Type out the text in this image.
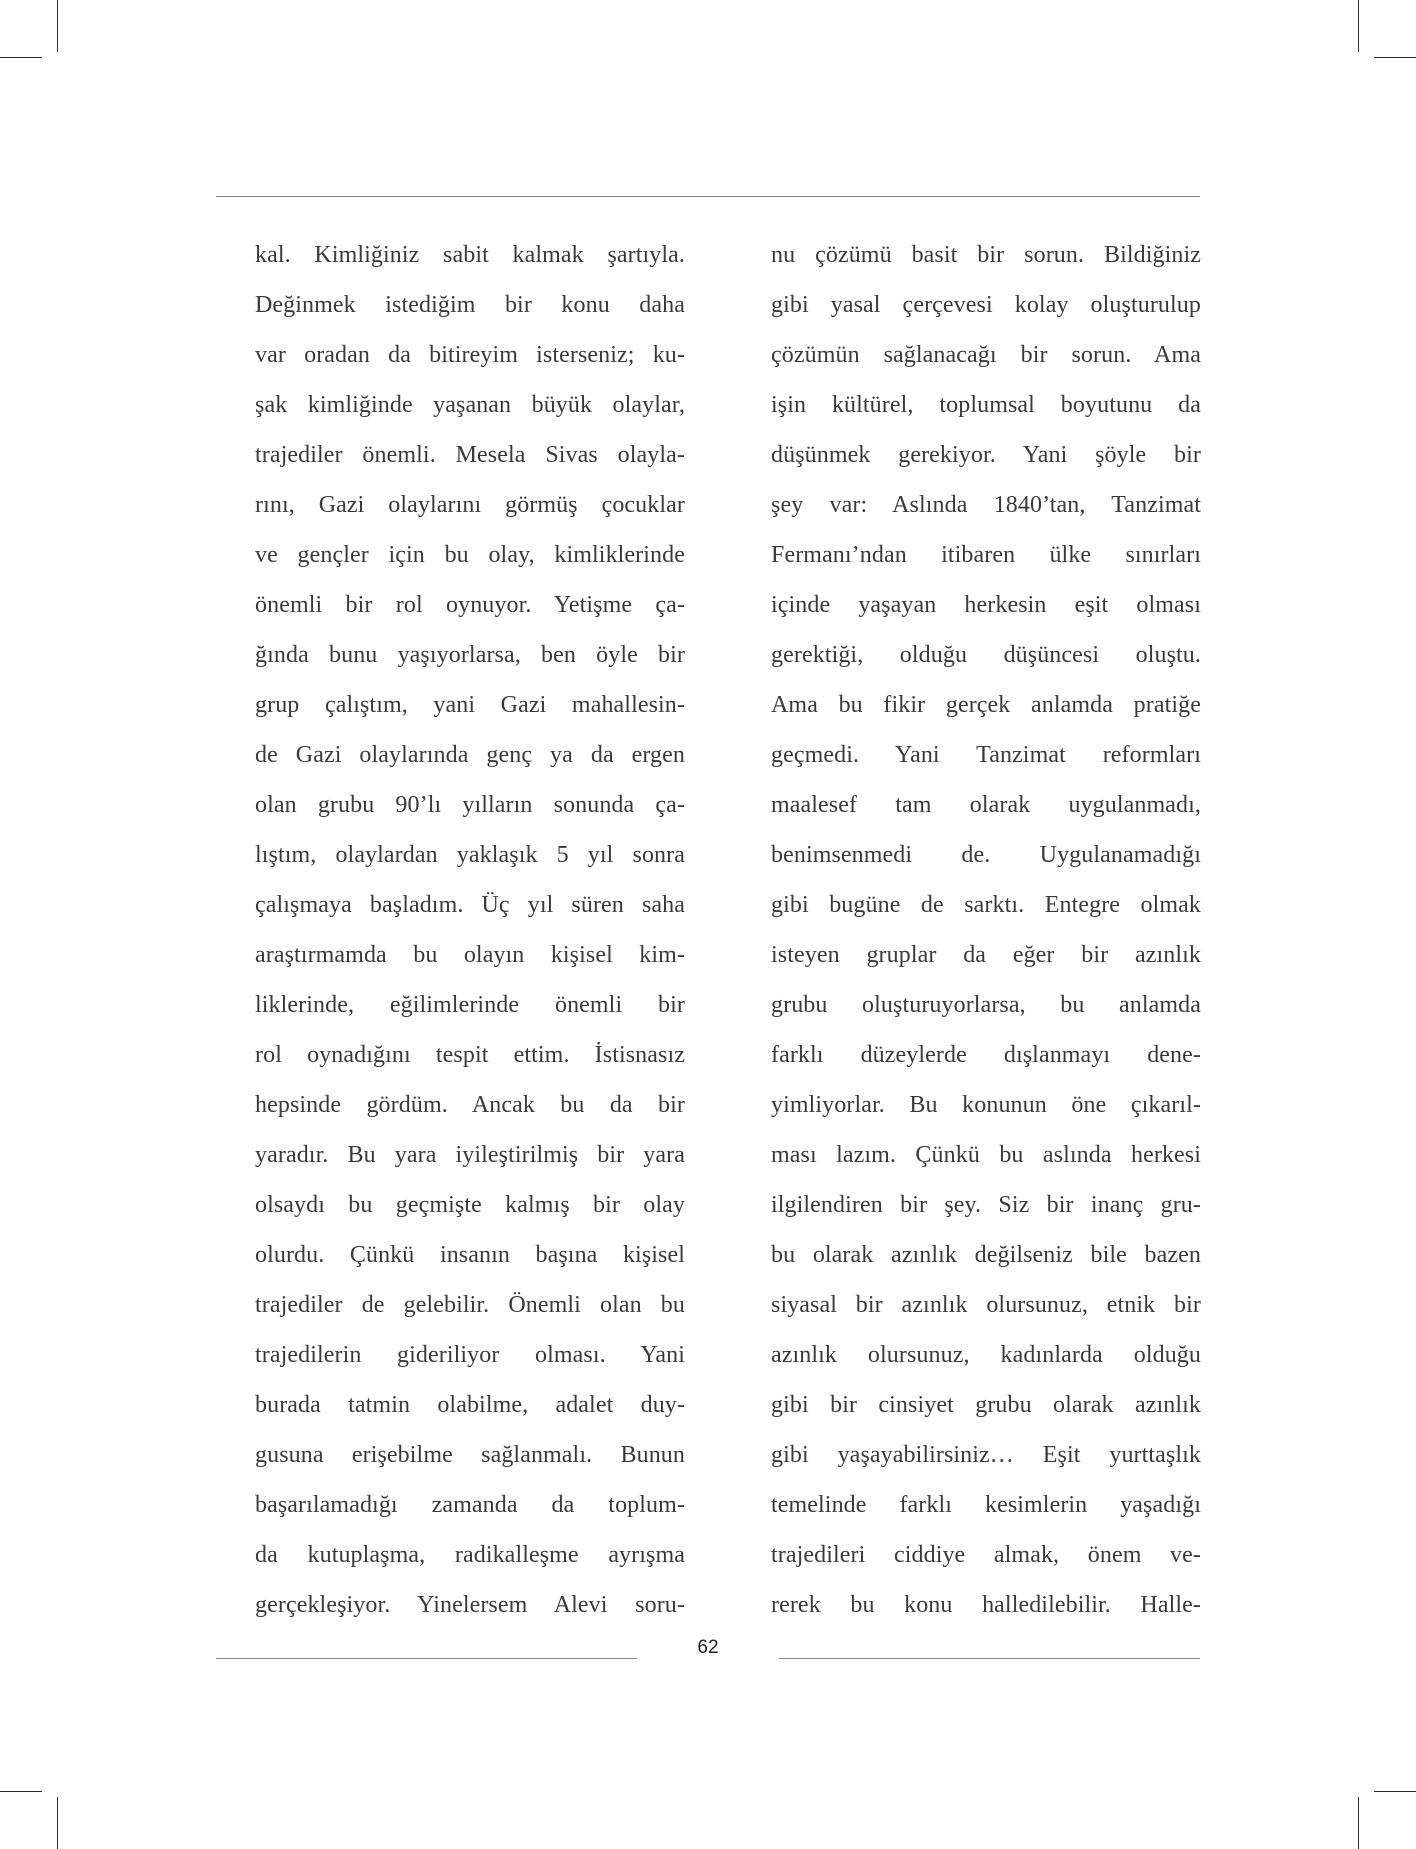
kal. Kimliğiniz sabit kalmak şartıyla.
Değinmek istediğim bir konu daha
var oradan da bitireyim isterseniz; ku-
şak kimliğinde yaşanan büyük olaylar,
trajediler önemli. Mesela Sivas olayla-
rını, Gazi olaylarını görmüş çocuklar
ve gençler için bu olay, kimliklerinde
önemli bir rol oynuyor. Yetişme ça-
ğında bunu yaşıyorlarsa, ben öyle bir
grup çalıştım, yani Gazi mahallesin-
de Gazi olaylarında genç ya da ergen
olan grubu 90’lı yılların sonunda ça-
lıştım, olaylardan yaklaşık 5 yıl sonra
çalışmaya başladım. Üç yıl süren saha
araştırmamda bu olayın kişisel kim-
liklerinde, eğilimlerinde önemli bir
rol oynadığını tespit ettim. İstisnasız
hepsinde gördüm. Ancak bu da bir
yaradır. Bu yara iyileştirilmiş bir yara
olsaydı bu geçmişte kalmış bir olay
olurdu. Çünkü insanın başına kişisel
trajediler de gelebilir. Önemli olan bu
trajedilerin gideriliyor olması. Yani
burada tatmin olabilme, adalet duy-
gusuna erişebilme sağlanmalı. Bunun
başarılamadığı zamanda da toplum-
da kutuplaşma, radikalleşme ayrışma
gerçekleşiyor. Yinelersem Alevi soru-
nu çözümü basit bir sorun. Bildiğiniz
gibi yasal çerçevesi kolay oluşturulup
çözümün sağlanacağı bir sorun. Ama
işin kültürel, toplumsal boyutunu da
düşünmek gerekiyor. Yani şöyle bir
şey var: Aslında 1840’tan, Tanzimat
Fermanı’ndan itibaren ülke sınırları
içinde yaşayan herkesin eşit olması
gerektiği, olduğu düşüncesi oluştu.
Ama bu fikir gerçek anlamda pratiğe
geçmedi. Yani Tanzimat reformları
maalesef tam olarak uygulanmadı,
benimsenmedi de. Uygulanamadığı
gibi bugüne de sarktı. Entegre olmak
isteyen gruplar da eğer bir azınlık
grubu oluşturuyorlarsa, bu anlamda
farklı düzeylerde dışlanmayı dene-
yimliyorlar. Bu konunun öne çıkarıl-
ması lazım. Çünkü bu aslında herkesi
ilgilendiren bir şey. Siz bir inanç gru-
bu olarak azınlık değilseniz bile bazen
siyasal bir azınlık olursunuz, etnik bir
azınlık olursunuz, kadınlarda olduğu
gibi bir cinsiyet grubu olarak azınlık
gibi yaşayabilirsiniz… Eşit yurttaşlık
temelinde farklı kesimlerin yaşadığı
trajedileri ciddiye almak, önem ve-
rerek bu konu halledilebilir. Halle-
62
